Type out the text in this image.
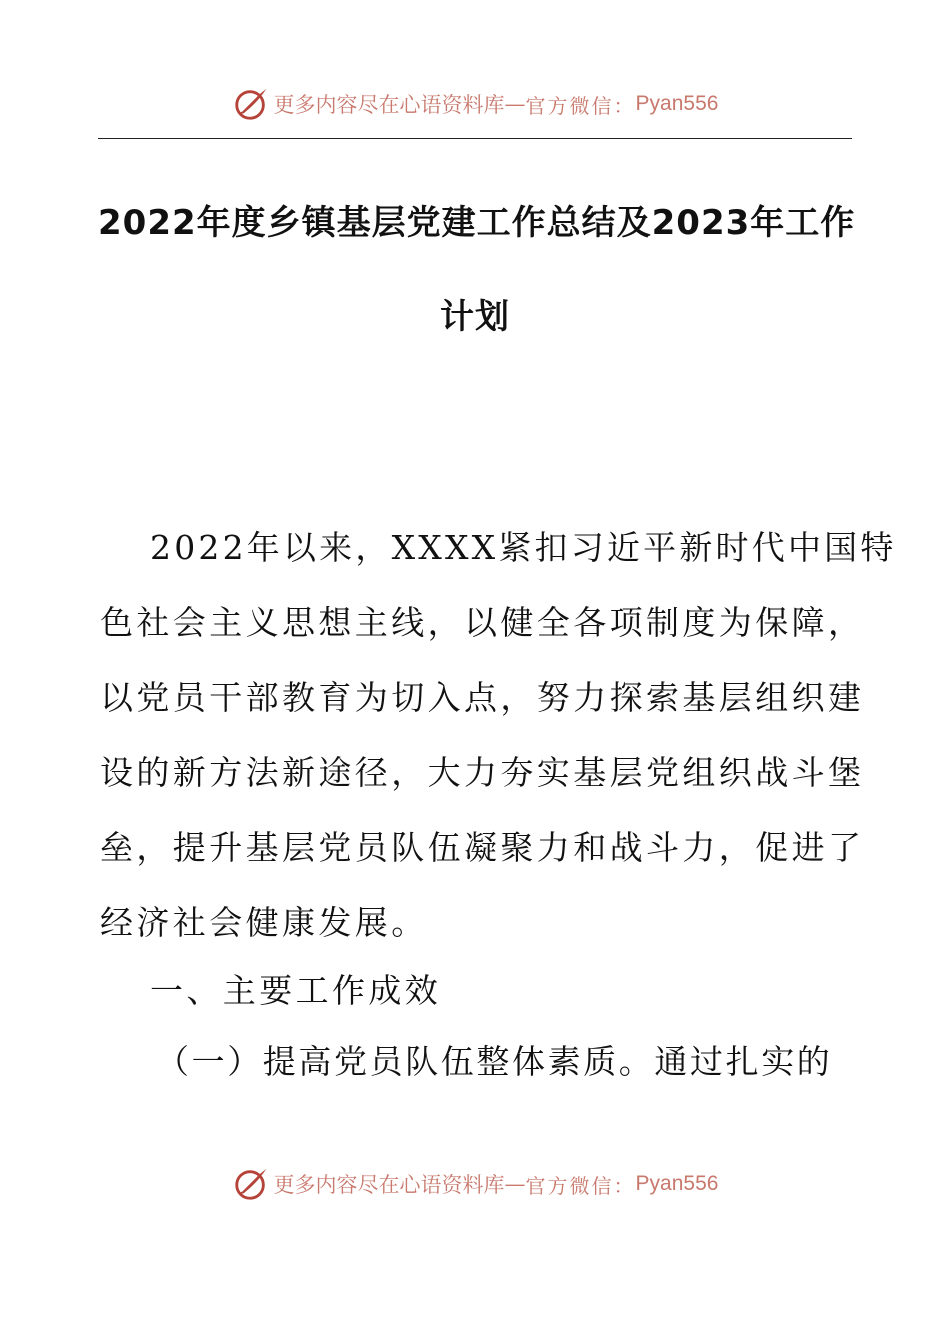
更多内容尽在心语资料库 — 官方微信： Pyan556
2022年度乡镇基层党建工作总结及2023年工作
计划
2022年以来，XXXX紧扣习近平新时代中国特
色社会主义思想主线，以健全各项制度为保障，
以党员干部教育为切入点，努力探索基层组织建
设的新方法新途径，大力夯实基层党组织战斗堡
垒，提升基层党员队伍凝聚力和战斗力，促进了
经济社会健康发展。
一、主要工作成效
（一）提高党员队伍整体素质。通过扎实的
更多内容尽在心语资料库 — 官方微信： Pyan556
